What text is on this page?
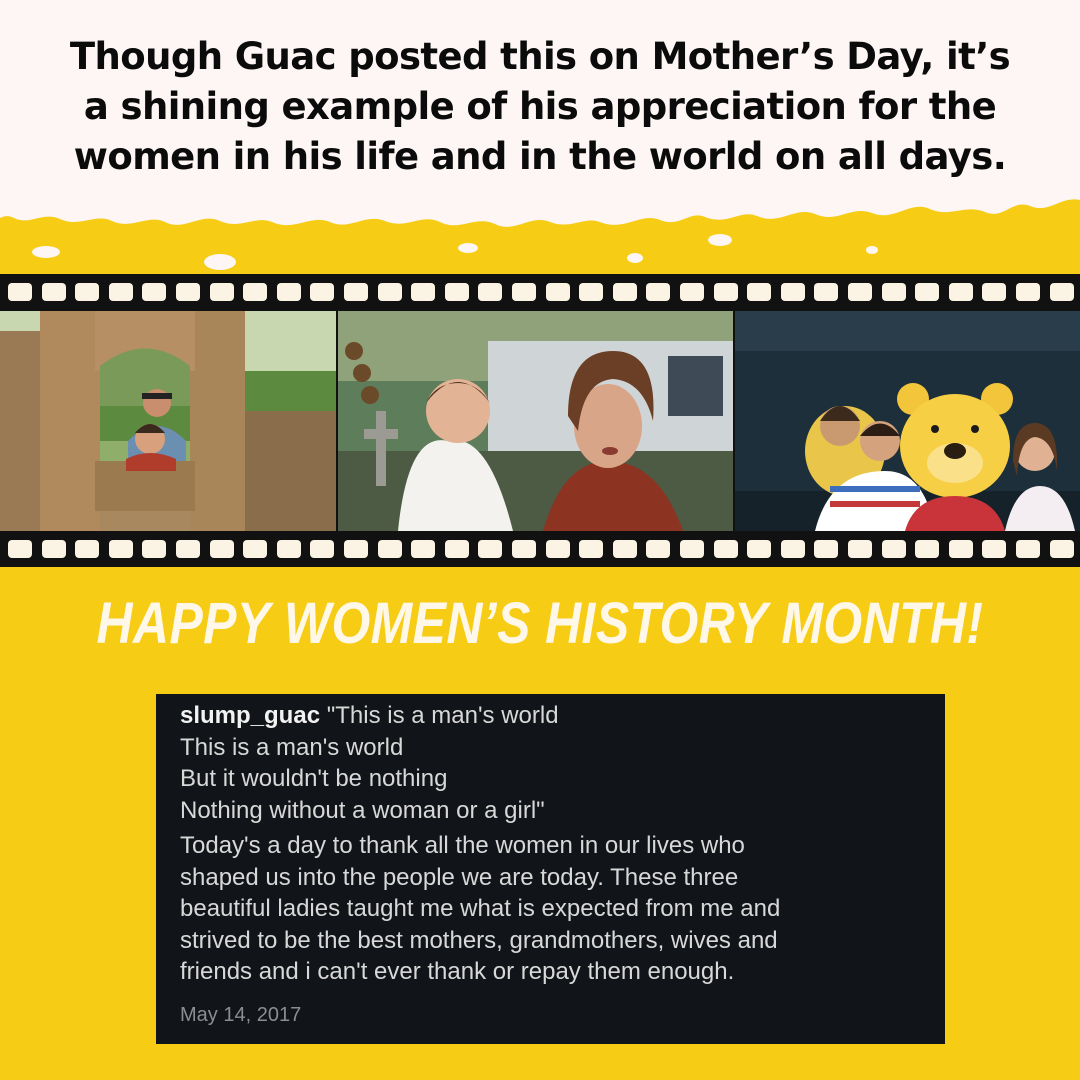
Though Guac posted this on Mother’s Day, it’s
a shining example of his appreciation for the
women in his life and in the world on all days.
HAPPY WOMEN’S HISTORY MONTH!
slump_guac "This is a man's world
This is a man's world
But it wouldn't be nothing
Nothing without a woman or a girl"
Today's a day to thank all the women in our lives who
shaped us into the people we are today. These three
beautiful ladies taught me what is expected from me and
strived to be the best mothers, grandmothers, wives and
friends and i can't ever thank or repay them enough.
May 14, 2017
